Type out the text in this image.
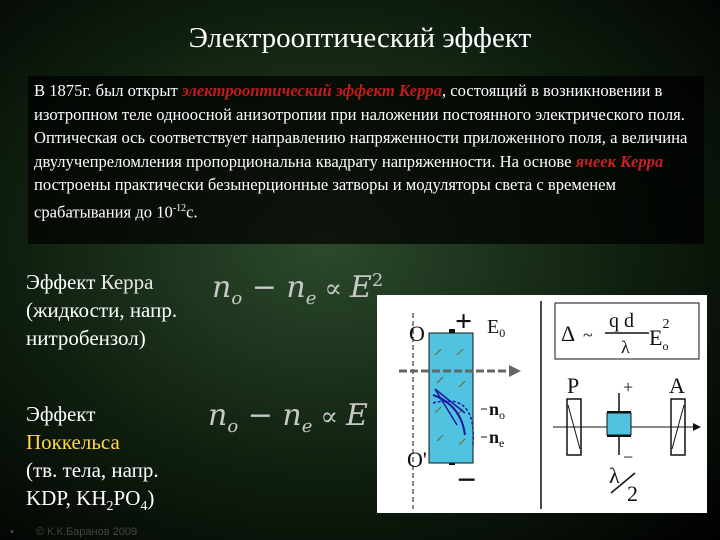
Электрооптический эффект
В 1875г. был открыт электрооптический эффект Керра, состоящий в возникновении в изотропном теле одноосной анизотропии при наложении постоянного электрического поля. Оптическая ось соответствует направлению напряженности приложенного поля, а величина двулучепреломления пропорциональна квадрату напряженности. На основе ячеек Керра построены практически безынерционные затворы и модуляторы света с временем срабатывания до $10^{-12}с$.
Эффект Керра
(жидкости, напр.
нитробензол)
$n_o - n_e \propto E^2$
Эффект
Поккельса
(тв. тела, напр.
KDP, $KH_2PO_4$)
$n_o - n_e \propto E$
+
−
O
O'
$E_0$
$n_o$
$n_e$
Δ ~
q d
λ $E_o2$
P	A
+
−
λ
2
• © К.К.Баранов 2009
